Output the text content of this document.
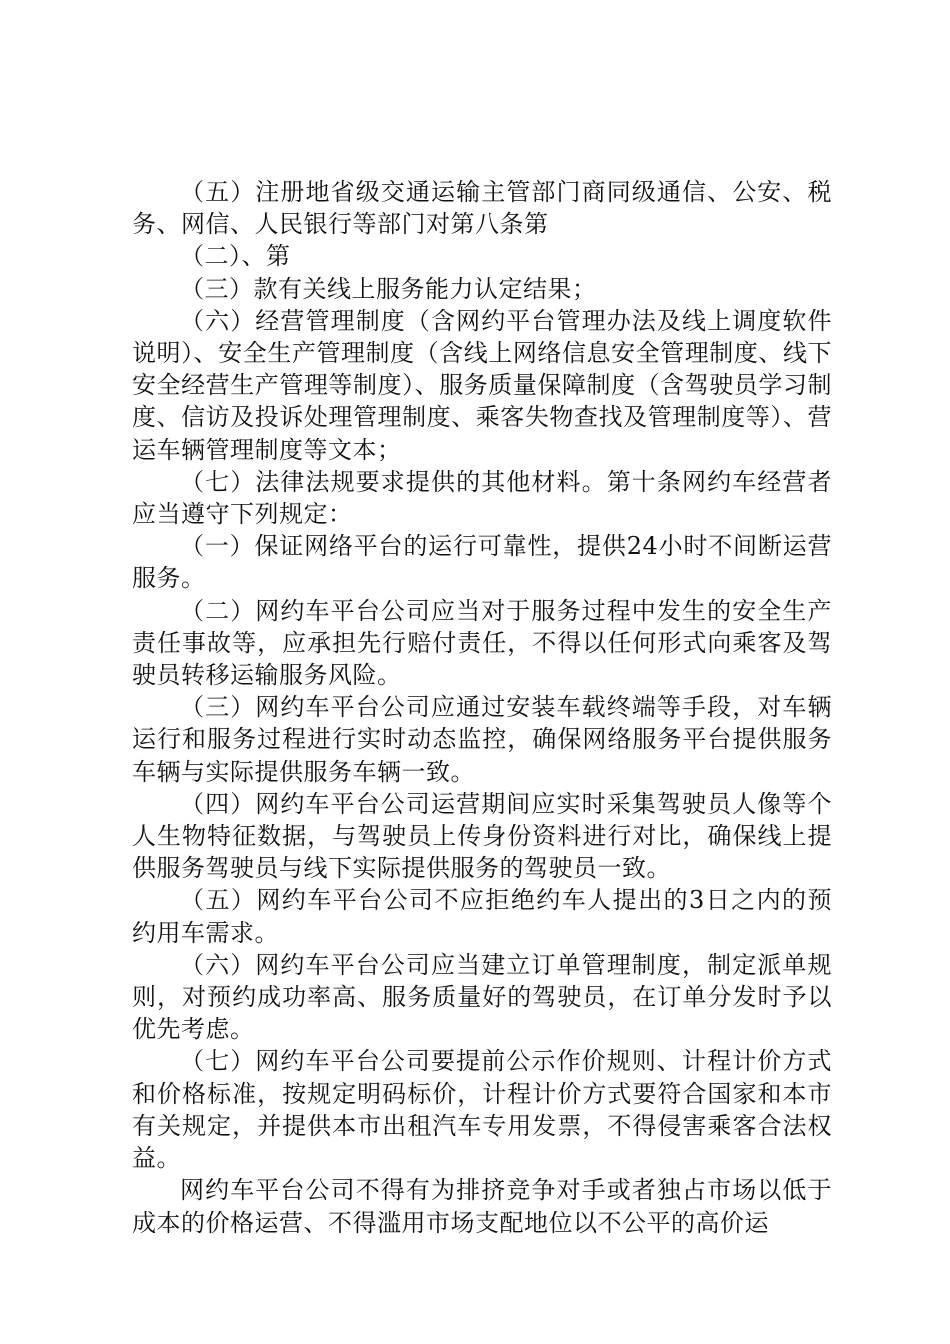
（五）注册地省级交通运输主管部门商同级通信、公安、税务、网信、人民银行等部门对第八条第

（二）、第

（三）款有关线上服务能力认定结果；

（六）经营管理制度（含网约平台管理办法及线上调度软件说明）、安全生产管理制度（含线上网络信息安全管理制度、线下安全经营生产管理等制度）、服务质量保障制度（含驾驶员学习制度、信访及投诉处理管理制度、乘客失物查找及管理制度等）、营运车辆管理制度等文本；

（七）法律法规要求提供的其他材料。第十条网约车经营者应当遵守下列规定：

（一）保证网络平台的运行可靠性，提供24小时不间断运营服务。

（二）网约车平台公司应当对于服务过程中发生的安全生产责任事故等，应承担先行赔付责任，不得以任何形式向乘客及驾驶员转移运输服务风险。

（三）网约车平台公司应通过安装车载终端等手段，对车辆运行和服务过程进行实时动态监控，确保网络服务平台提供服务车辆与实际提供服务车辆一致。

（四）网约车平台公司运营期间应实时采集驾驶员人像等个人生物特征数据，与驾驶员上传身份资料进行对比，确保线上提供服务驾驶员与线下实际提供服务的驾驶员一致。

（五）网约车平台公司不应拒绝约车人提出的3日之内的预约用车需求。

（六）网约车平台公司应当建立订单管理制度，制定派单规则，对预约成功率高、服务质量好的驾驶员，在订单分发时予以优先考虑。

（七）网约车平台公司要提前公示作价规则、计程计价方式和价格标准，按规定明码标价，计程计价方式要符合国家和本市有关规定，并提供本市出租汽车专用发票，不得侵害乘客合法权益。

网约车平台公司不得有为排挤竞争对手或者独占市场以低于成本的价格运营、不得滥用市场支配地位以不公平的高价运
